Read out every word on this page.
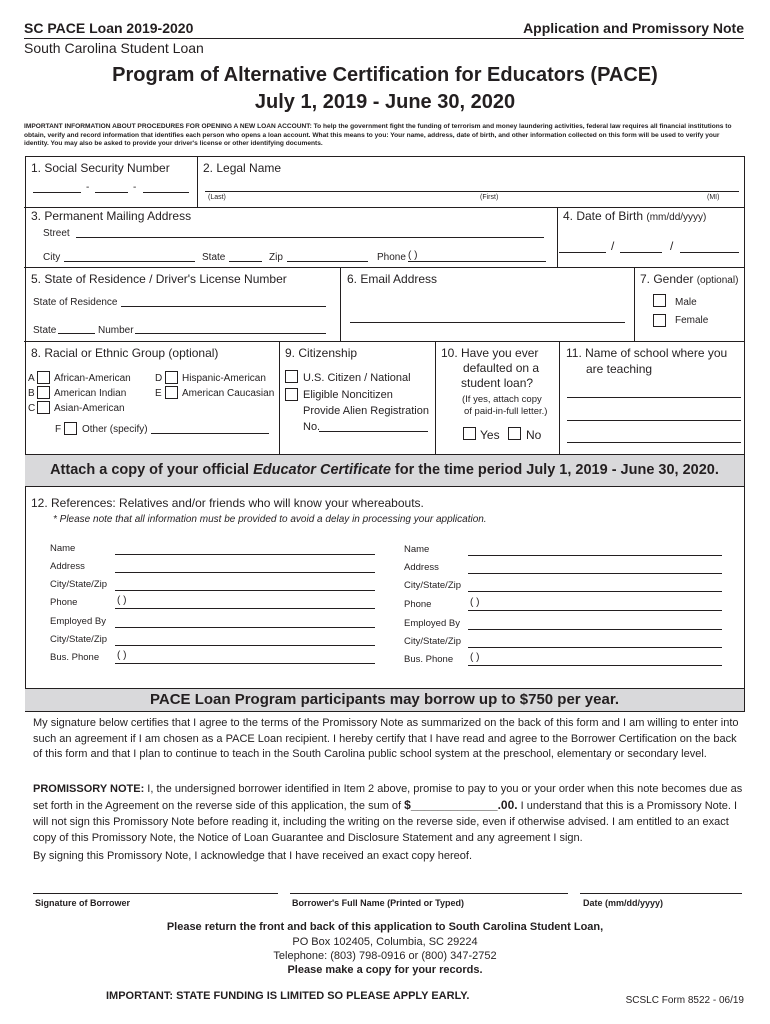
SC PACE Loan 2019-2020	Application and Promissory Note
South Carolina Student Loan
Program of Alternative Certification for Educators (PACE)
July 1, 2019 - June 30, 2020
IMPORTANT INFORMATION ABOUT PROCEDURES FOR OPENING A NEW LOAN ACCOUNT: To help the government fight the funding of terrorism and money laundering activities, federal law requires all financial institutions to obtain, verify and record information that identifies each person who opens a loan account. What this means to you: Your name, address, date of birth, and other information collected on this form will be used to verify your identity. You may also be asked to provide your driver's license or other identifying documents.
1. Social Security Number
-	-
2. Legal Name
(Last)	(First)	(MI)
3. Permanent Mailing Address
Street
City	State	Zip	Phone ( )
4. Date of Birth (mm/dd/yyyy)
/	/
5. State of Residence / Driver's License Number
State of Residence
State	Number
6. Email Address	7. Gender (optional)
Male
Female
8. Racial or Ethnic Group (optional)
A African-American
B American Indian
C Asian-American
D Hispanic-American
E American Caucasian
F Other (specify)
9. Citizenship
U.S. Citizen / National
Eligible Noncitizen
Provide Alien Registration
No.
10. Have you ever
defaulted on a
student loan?
(If yes, attach copy
of paid-in-full letter.)
Yes No
11. Name of school where you
are teaching
Attach a copy of your official Educator Certificate for the time period July 1, 2019 - June 30, 2020.
12. References: Relatives and/or friends who will know your whereabouts.
* Please note that all information must be provided to avoid a delay in processing your application.
Name
Address
City/State/Zip
Phone	( )
Employed By
City/State/Zip
Bus. Phone ( )
Name
Address
City/State/Zip
Phone	( )
Employed By
City/State/Zip
Bus. Phone ( )
PACE Loan Program participants may borrow up to $750 per year.
My signature below certifies that I agree to the terms of the Promissory Note as summarized on the back of this form and I am willing to enter into such an agreement if I am chosen as a PACE Loan recipient. I hereby certify that I have read and agree to the Borrower Certification on the back of this form and that I plan to continue to teach in the South Carolina public school system at the preschool, elementary or secondary level.
PROMISSORY NOTE: I, the undersigned borrower identified in Item 2 above, promise to pay to you or your order when this note becomes due as set forth in the Agreement on the reverse side of this application, the sum of $_____________.00. I understand that this is a Promissory Note. I will not sign this Promissory Note before reading it, including the writing on the reverse side, even if otherwise advised. I am entitled to an exact copy of this Promissory Note, the Notice of Loan Guarantee and Disclosure Statement and any agreement I sign.
By signing this Promissory Note, I acknowledge that I have received an exact copy hereof.
Signature of Borrower	Borrower's Full Name (Printed or Typed)	Date (mm/dd/yyyy)
Please return the front and back of this application to South Carolina Student Loan,
PO Box 102405, Columbia, SC 29224
Telephone: (803) 798-0916 or (800) 347-2752
Please make a copy for your records.
IMPORTANT: STATE FUNDING IS LIMITED SO PLEASE APPLY EARLY.	SCSLC Form 8522 - 06/19
